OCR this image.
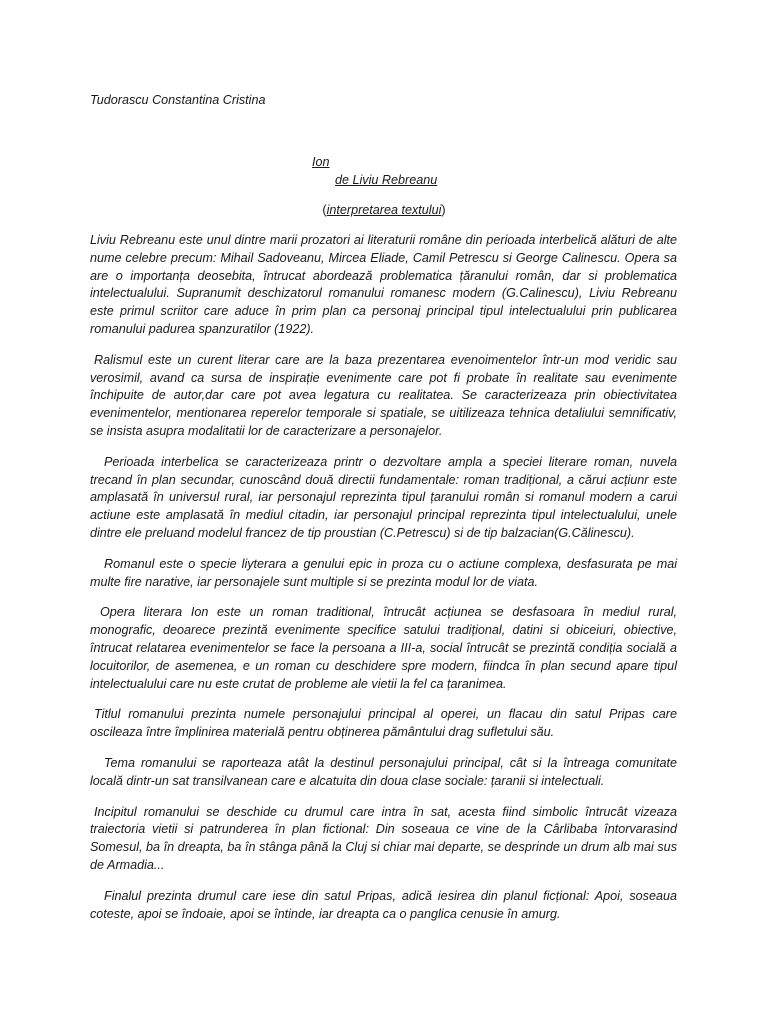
Tudorascu Constantina Cristina

Ion

de Liviu Rebreanu

(interpretarea textului)

Liviu Rebreanu este unul dintre marii prozatori ai literaturii române din perioada interbelică alături de alte nume celebre precum: Mihail Sadoveanu, Mircea Eliade, Camil Petrescu si George Calinescu. Opera sa are o importanța deosebita, întrucat abordează problematica țăranului român, dar si problematica intelectualului. Supranumit deschizatorul romanului romanesc modern (G.Calinescu), Liviu Rebreanu este primul scriitor care aduce în prim plan ca personaj principal tipul intelectualului prin publicarea romanului padurea spanzuratilor (1922).

Ralismul este un curent literar care are la baza prezentarea evenoimentelor într-un mod veridic sau verosimil, avand ca sursa de inspirație evenimente care pot fi probate în realitate sau evenimente închipuite de autor,dar care pot avea legatura cu realitatea. Se caracterizeaza prin obiectivitatea evenimentelor, mentionarea reperelor temporale si spatiale, se uitilizeaza tehnica detaliului semnificativ, se insista asupra modalitatii lor de caracterizare a personajelor.

Perioada interbelica se caracterizeaza printr o dezvoltare ampla a speciei literare roman, nuvela trecand în plan secundar, cunoscând două directii fundamentale: roman tradițional, a cărui acțiunr este amplasată în universul rural, iar personajul reprezinta tipul țaranului român si romanul modern a carui actiune este amplasată în mediul citadin, iar personajul principal reprezinta tipul intelectualului, unele dintre ele preluand modelul francez de tip proustian (C.Petrescu) si de tip balzacian(G.Călinescu).

Romanul este o specie liyterara a genului epic in proza cu o actiune complexa, desfasurata pe mai multe fire narative, iar personajele sunt multiple si se prezinta modul lor de viata.

Opera literara Ion este un roman traditional, întrucât acțiunea se desfasoara în mediul rural, monografic, deoarece prezintă evenimente specifice satului tradițional, datini si obiceiuri, obiective, întrucat relatarea evenimentelor se face la persoana a III-a, social întrucât se prezintă condiția socială a locuitorilor, de asemenea, e un roman cu deschidere spre modern, fiindca în plan secund apare tipul intelectualului care nu este crutat de probleme ale vietii la fel ca țaranimea.

Titlul romanului prezinta numele personajului principal al operei, un flacau din satul Pripas care oscileaza între împlinirea materială pentru obținerea pământului drag sufletului său.

Tema romanului se raporteaza atât la destinul personajului principal, cât si la întreaga comunitate locală dintr-un sat transilvanean care e alcatuita din doua clase sociale: țaranii si intelectuali.

Incipitul romanului se deschide cu drumul care intra în sat, acesta fiind simbolic întrucât vizeaza traiectoria vietii si patrunderea în plan fictional: Din soseaua ce vine de la Cârlibaba întorvarasind Somesul, ba în dreapta, ba în stânga până la Cluj si chiar mai departe, se desprinde un drum alb mai sus de Armadia...

Finalul prezinta drumul care iese din satul Pripas, adică iesirea din planul ficțional: Apoi, soseaua coteste, apoi se îndoaie, apoi se întinde, iar dreapta ca o panglica cenusie în amurg.
